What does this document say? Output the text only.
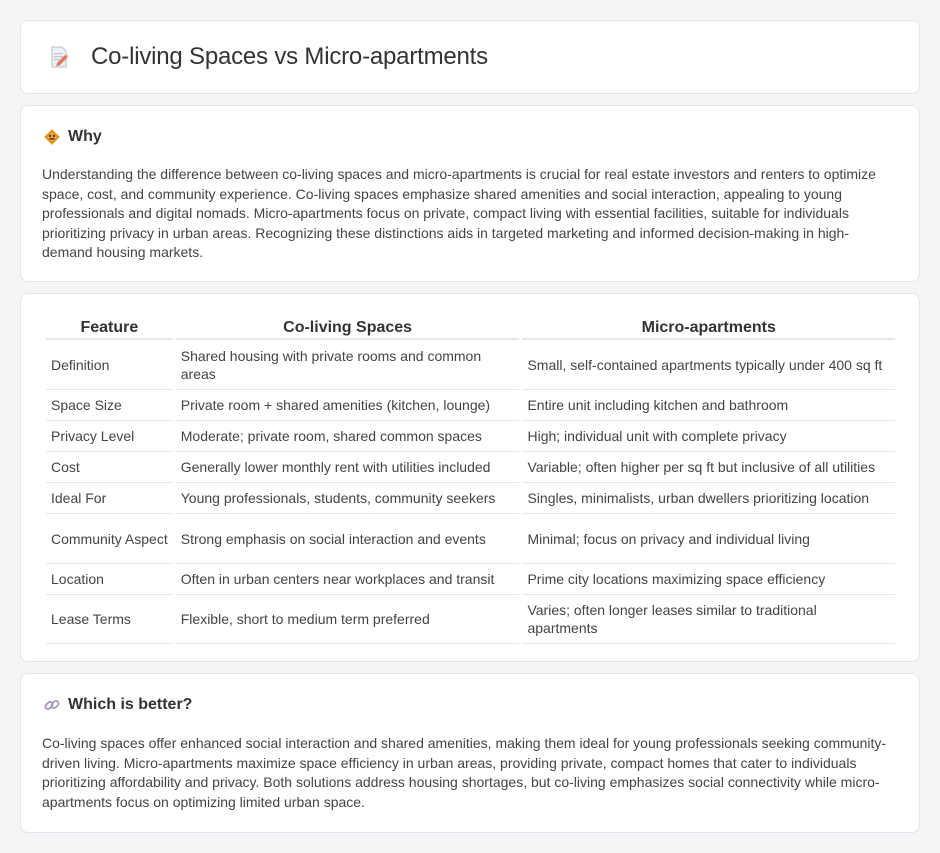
Co-living Spaces vs Micro-apartments
Why

Understanding the difference between co-living spaces and micro-apartments is crucial for real estate investors and renters to optimize space, cost, and community experience. Co-living spaces emphasize shared amenities and social interaction, appealing to young professionals and digital nomads. Micro-apartments focus on private, compact living with essential facilities, suitable for individuals prioritizing privacy in urban areas. Recognizing these distinctions aids in targeted marketing and informed decision-making in high-demand housing markets.

Feature	Co-living Spaces	Micro-apartments
Definition	Shared housing with private rooms and common areas	Small, self-contained apartments typically under 400 sq ft
Space Size	Private room + shared amenities (kitchen, lounge)	Entire unit including kitchen and bathroom
Privacy Level	Moderate; private room, shared common spaces	High; individual unit with complete privacy
Cost	Generally lower monthly rent with utilities included	Variable; often higher per sq ft but inclusive of all utilities
Ideal For	Young professionals, students, community seekers	Singles, minimalists, urban dwellers prioritizing location
Community Aspect	Strong emphasis on social interaction and events	Minimal; focus on privacy and individual living
Location	Often in urban centers near workplaces and transit	Prime city locations maximizing space efficiency
Lease Terms	Flexible, short to medium term preferred	Varies; often longer leases similar to traditional apartments
Which is better?

Co-living spaces offer enhanced social interaction and shared amenities, making them ideal for young professionals seeking community-driven living. Micro-apartments maximize space efficiency in urban areas, providing private, compact homes that cater to individuals prioritizing affordability and privacy. Both solutions address housing shortages, but co-living emphasizes social connectivity while micro-apartments focus on optimizing limited urban space.
